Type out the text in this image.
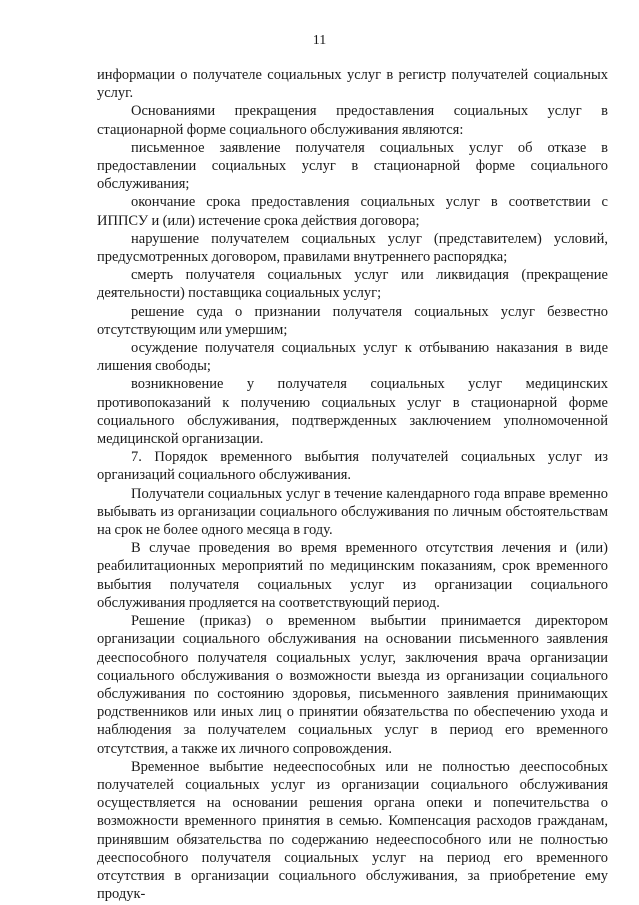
11

информации о получателе социальных услуг в регистр получателей социальных услуг.

Основаниями прекращения предоставления социальных услуг в стационарной форме социального обслуживания являются:

письменное заявление получателя социальных услуг об отказе в предоставлении социальных услуг в стационарной форме социального обслуживания;

окончание срока предоставления социальных услуг в соответствии с ИППСУ и (или) истечение срока действия договора;

нарушение получателем социальных услуг (представителем) условий, предусмотренных договором, правилами внутреннего распорядка;

смерть получателя социальных услуг или ликвидация (прекращение деятельности) поставщика социальных услуг;

решение суда о признании получателя социальных услуг безвестно отсутствующим или умершим;

осуждение получателя социальных услуг к отбыванию наказания в виде лишения свободы;

возникновение у получателя социальных услуг медицинских противопоказаний к получению социальных услуг в стационарной форме социального обслуживания, подтвержденных заключением уполномоченной медицинской организации.

7. Порядок временного выбытия получателей социальных услуг из организаций социального обслуживания.

Получатели социальных услуг в течение календарного года вправе временно выбывать из организации социального обслуживания по личным обстоятельствам на срок не более одного месяца в году.

В случае проведения во время временного отсутствия лечения и (или) реабилитационных мероприятий по медицинским показаниям, срок временного выбытия получателя социальных услуг из организации социального обслуживания продляется на соответствующий период.

Решение (приказ) о временном выбытии принимается директором организации социального обслуживания на основании письменного заявления дееспособного получателя социальных услуг, заключения врача организации социального обслуживания о возможности выезда из организации социального обслуживания по состоянию здоровья, письменного заявления принимающих родственников или иных лиц о принятии обязательства по обеспечению ухода и наблюдения за получателем социальных услуг в период его временного отсутствия, а также их личного сопровождения.

Временное выбытие недееспособных или не полностью дееспособных получателей социальных услуг из организации социального обслуживания осуществляется на основании решения органа опеки и попечительства о возможности временного принятия в семью. Компенсация расходов гражданам, принявшим обязательства по содержанию недееспособного или не полностью дееспособного получателя социальных услуг на период его временного отсутствия в организации социального обслуживания, за приобретение ему продук-
